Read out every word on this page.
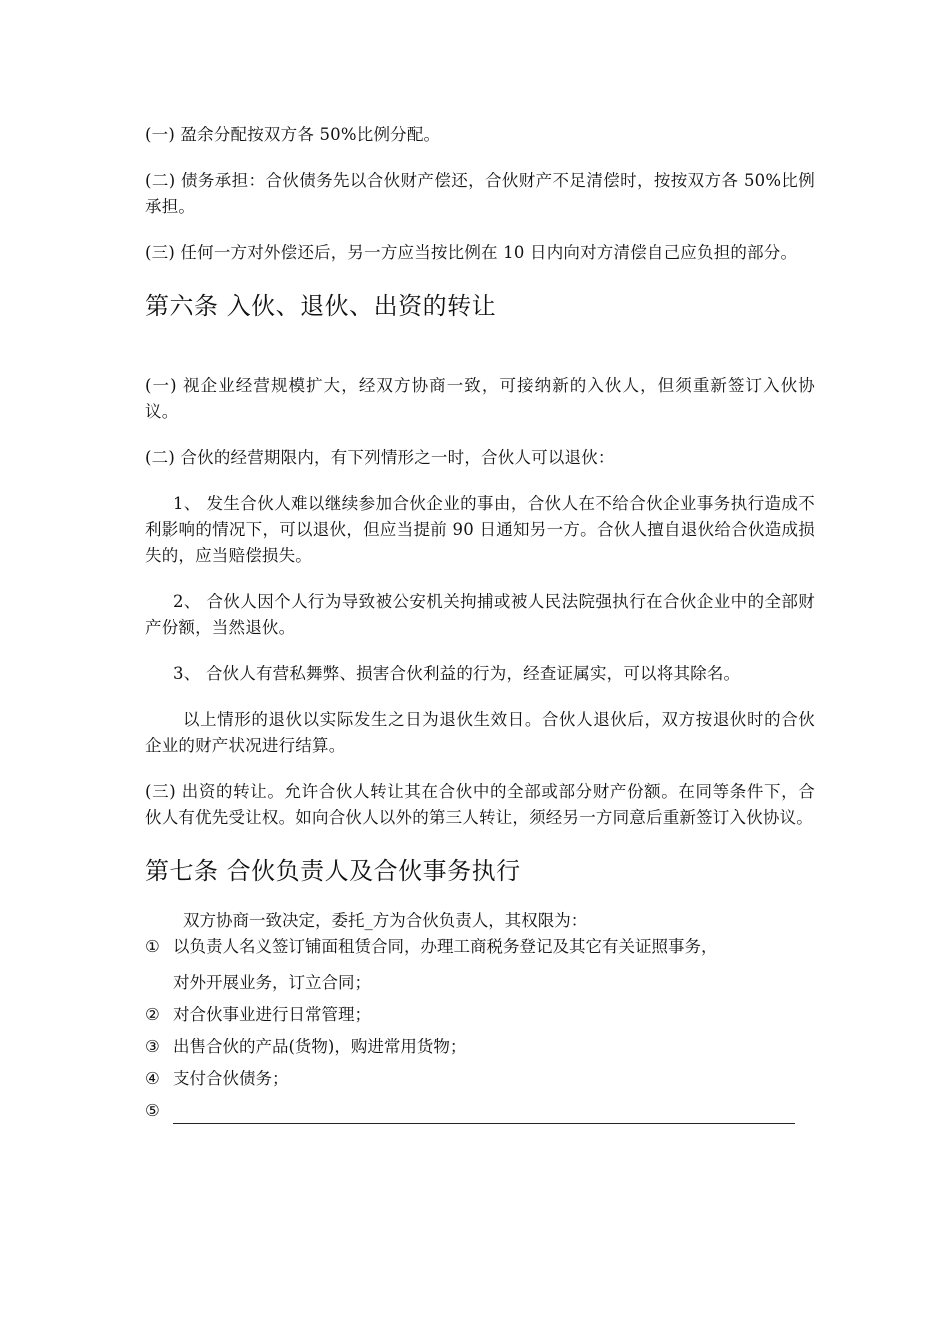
(一) 盈余分配按双方各 50%比例分配。

(二) 债务承担：合伙债务先以合伙财产偿还，合伙财产不足清偿时，按按双方各 50%比例承担。

(三) 任何一方对外偿还后，另一方应当按比例在 10 日内向对方清偿自己应负担的部分。

第六条 入伙、退伙、出资的转让

(一) 视企业经营规模扩大，经双方协商一致，可接纳新的入伙人，但须重新签订入伙协议。

(二) 合伙的经营期限内，有下列情形之一时，合伙人可以退伙：

1、 发生合伙人难以继续参加合伙企业的事由，合伙人在不给合伙企业事务执行造成不利影响的情况下，可以退伙，但应当提前 90 日通知另一方。合伙人擅自退伙给合伙造成损失的，应当赔偿损失。

2、 合伙人因个人行为导致被公安机关拘捕或被人民法院强执行在合伙企业中的全部财产份额，当然退伙。

3、 合伙人有营私舞弊、损害合伙利益的行为，经查证属实，可以将其除名。

以上情形的退伙以实际发生之日为退伙生效日。合伙人退伙后，双方按退伙时的合伙企业的财产状况进行结算。

(三) 出资的转让。允许合伙人转让其在合伙中的全部或部分财产份额。在同等条件下，合伙人有优先受让权。如向合伙人以外的第三人转让，须经另一方同意后重新签订入伙协议。

第七条 合伙负责人及合伙事务执行

双方协商一致决定，委托_方为合伙负责人，其权限为：

① 以负责人名义签订铺面租赁合同，办理工商税务登记及其它有关证照事务，
对外开展业务，订立合同；
② 对合伙事业进行日常管理；
③ 出售合伙的产品(货物)，购进常用货物；
④ 支付合伙债务；
⑤
